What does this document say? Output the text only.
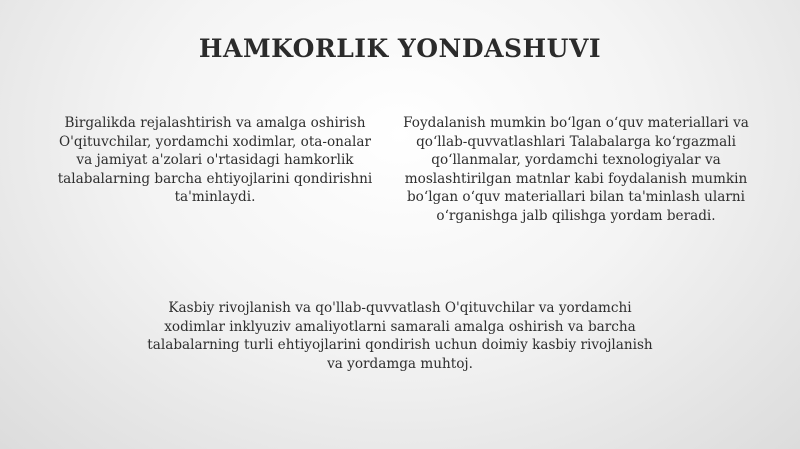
HAMKORLIK YONDASHUVI
Birgalikda rejalashtirish va amalga oshirish O'qituvchilar, yordamchi xodimlar, ota-onalar va jamiyat a'zolari o'rtasidagi hamkorlik talabalarning barcha ehtiyojlarini qondirishni ta'minlaydi.
Foydalanish mumkin boʻlgan oʻquv materiallari va qoʻllab-quvvatlashlari Talabalarga koʻrgazmali qoʻllanmalar, yordamchi texnologiyalar va moslashtirilgan matnlar kabi foydalanish mumkin boʻlgan oʻquv materiallari bilan ta'minlash ularni oʻrganishga jalb qilishga yordam beradi.
Kasbiy rivojlanish va qo'llab-quvvatlash O'qituvchilar va yordamchi xodimlar inklyuziv amaliyotlarni samarali amalga oshirish va barcha talabalarning turli ehtiyojlarini qondirish uchun doimiy kasbiy rivojlanish va yordamga muhtoj.
